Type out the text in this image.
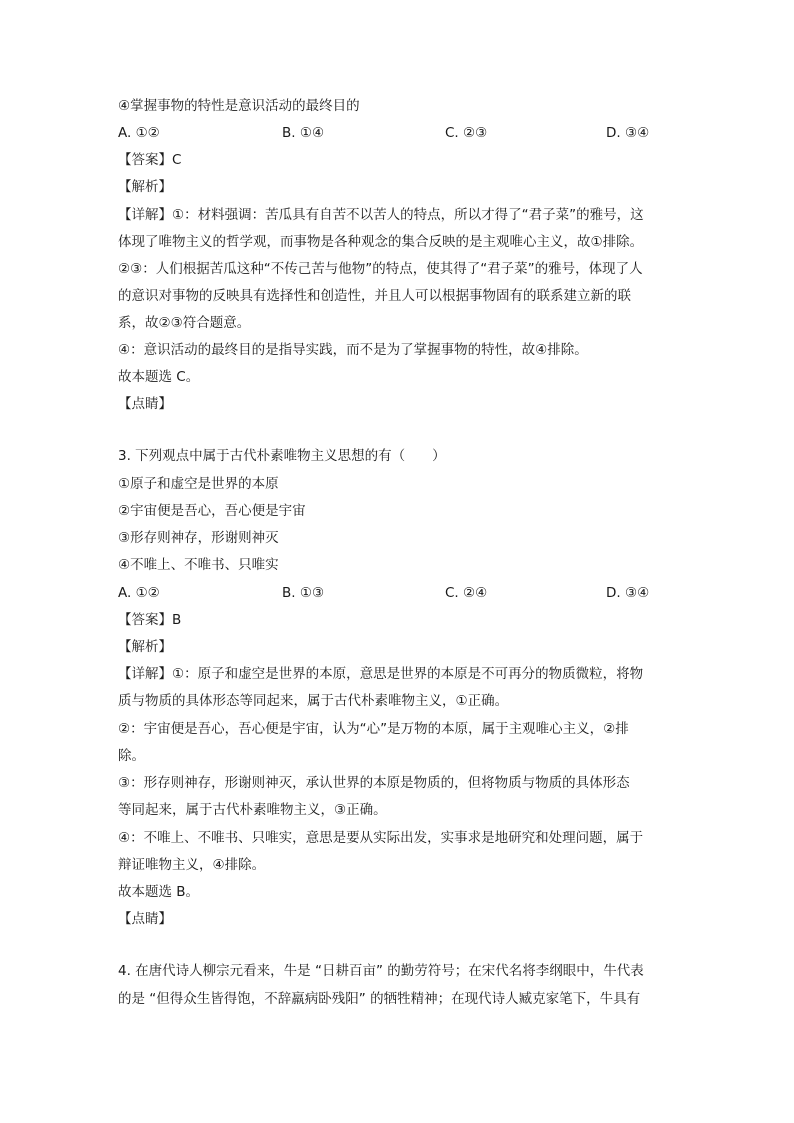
④掌握事物的特性是意识活动的最终目的
A. ①②	B. ①④	C. ②③	D. ③④
【答案】C
【解析】
【详解】①：材料强调：苦瓜具有自苦不以苦人的特点，所以才得了“君子菜”的雅号，这
体现了唯物主义的哲学观，而事物是各种观念的集合反映的是主观唯心主义，故①排除。
②③：人们根据苦瓜这种“不传己苦与他物”的特点，使其得了“君子菜”的雅号，体现了人
的意识对事物的反映具有选择性和创造性，并且人可以根据事物固有的联系建立新的联
系，故②③符合题意。
④：意识活动的最终目的是指导实践，而不是为了掌握事物的特性，故④排除。
故本题选 C。
【点睛】
3. 下列观点中属于古代朴素唯物主义思想的有（　　）
①原子和虚空是世界的本原
②宇宙便是吾心，吾心便是宇宙
③形存则神存，形谢则神灭
④不唯上、不唯书、只唯实
A. ①②	B. ①③	C. ②④	D. ③④
【答案】B
【解析】
【详解】①：原子和虚空是世界的本原，意思是世界的本原是不可再分的物质微粒，将物
质与物质的具体形态等同起来，属于古代朴素唯物主义，①正确。
②：宇宙便是吾心，吾心便是宇宙，认为“心”是万物的本原，属于主观唯心主义，②排
除。
③：形存则神存，形谢则神灭，承认世界的本原是物质的，但将物质与物质的具体形态
等同起来，属于古代朴素唯物主义，③正确。
④：不唯上、不唯书、只唯实，意思是要从实际出发，实事求是地研究和处理问题，属于
辩证唯物主义，④排除。
故本题选 B。
【点睛】
4. 在唐代诗人柳宗元看来，牛是 “日耕百亩” 的勤劳符号；在宋代名将李纲眼中，牛代表
的是 “但得众生皆得饱，不辞羸病卧残阳” 的牺牲精神；在现代诗人臧克家笔下，牛具有
